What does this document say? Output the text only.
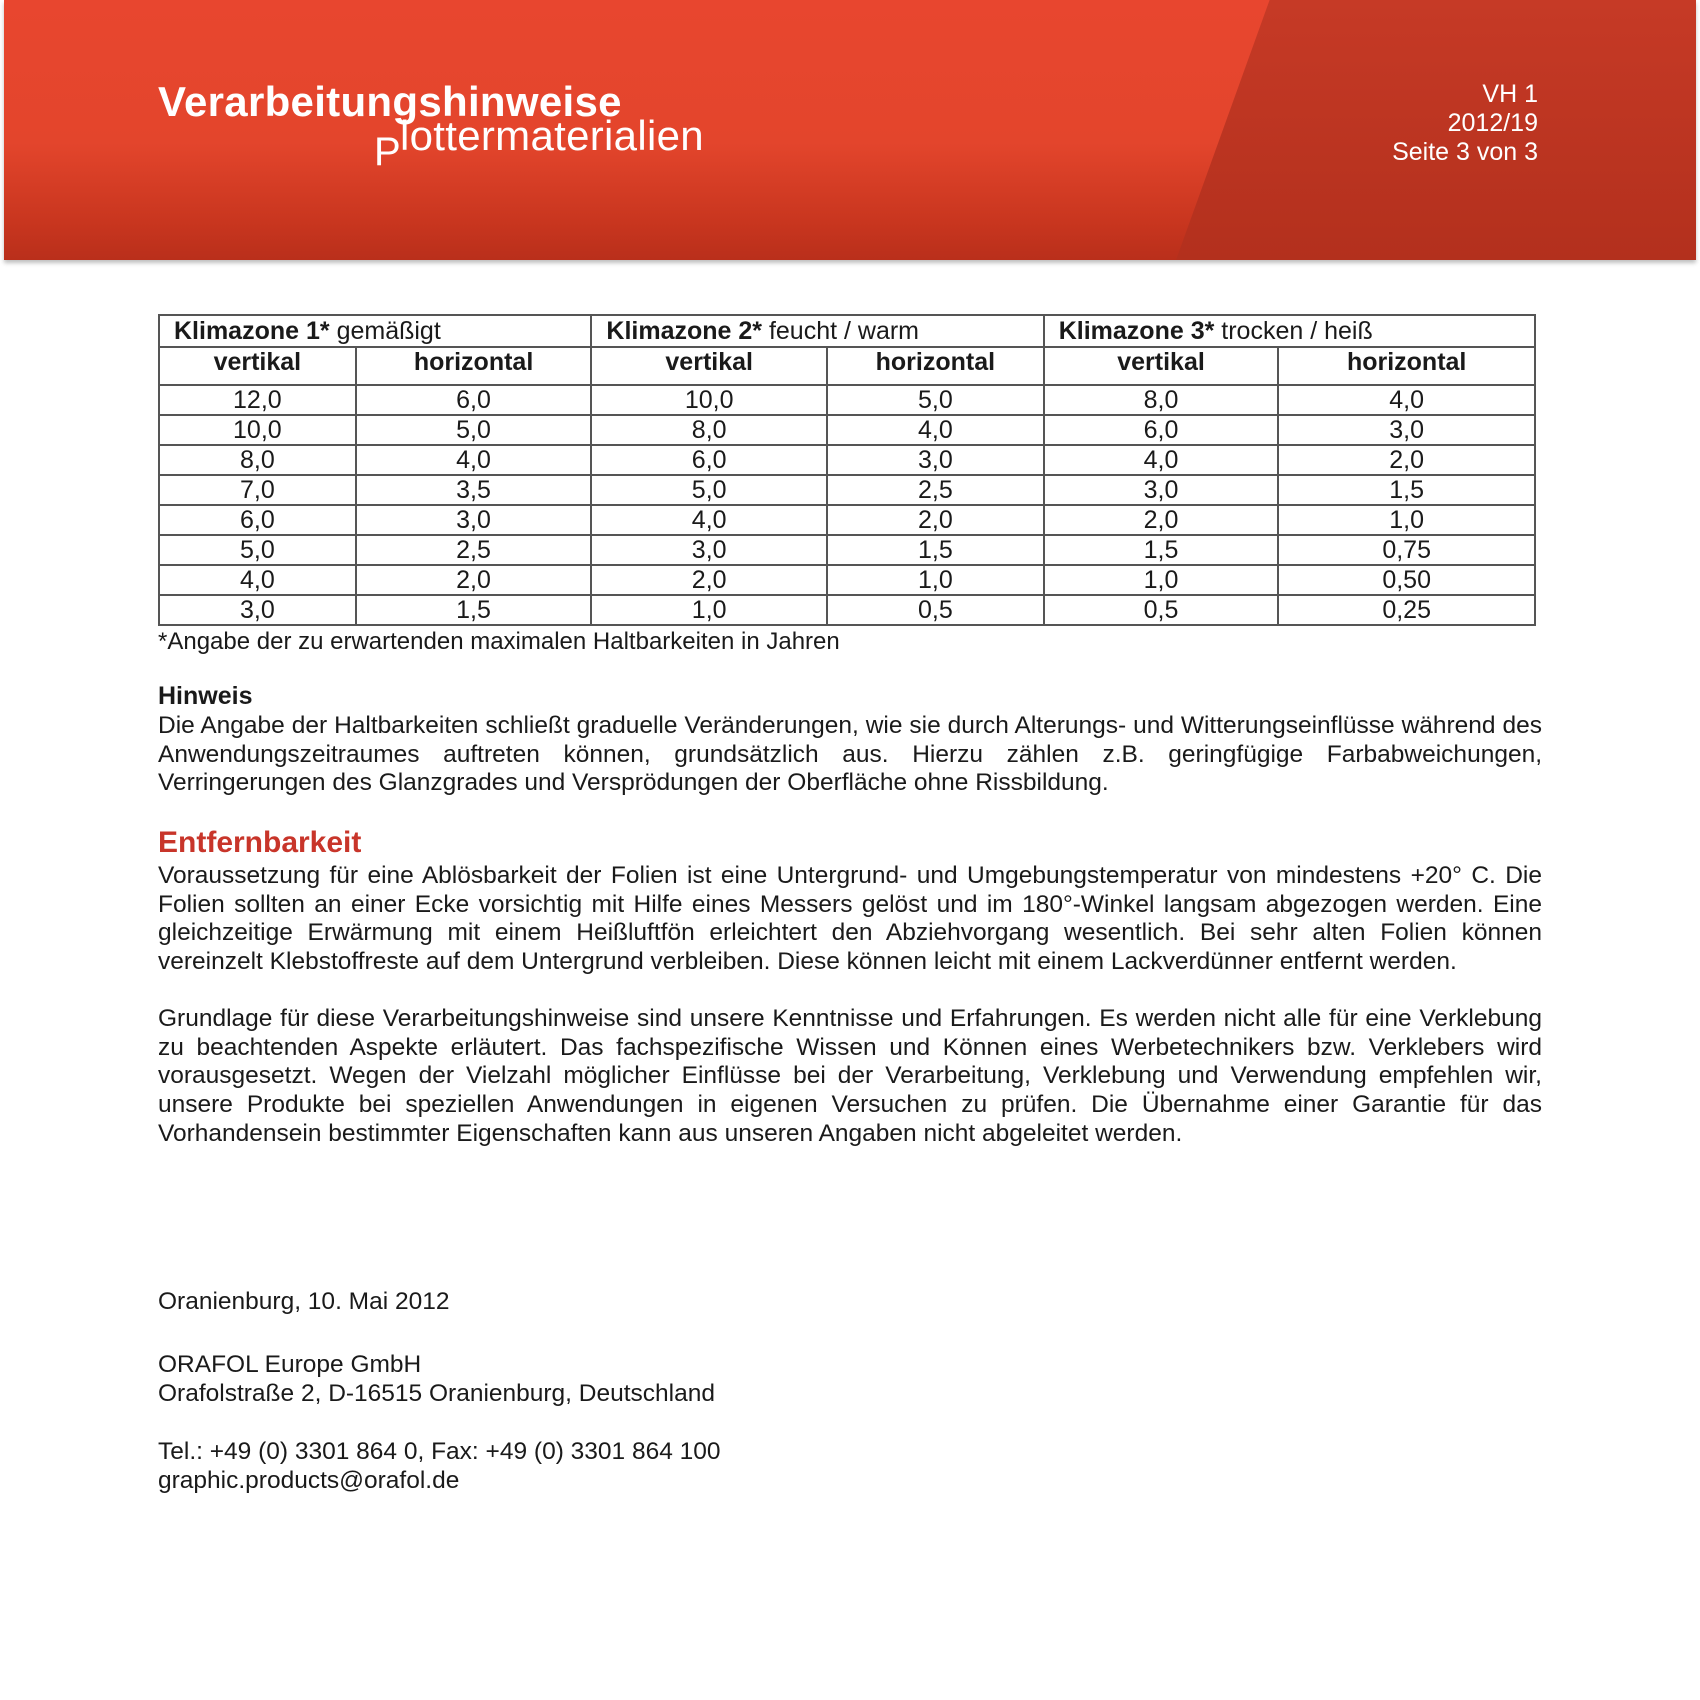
Verarbeitungshinweise
P lottermaterialien
VH 1
2012/19
Seite 3 von 3
Klimazone 1* gemäßigt		Klimazone 2* feucht / warm		Klimazone 3* trocken / heiß	
vertikal	horizontal	vertikal	horizontal	vertikal	horizontal
12,0	6,0	10,0	5,0	8,0	4,0
10,0	5,0	8,0	4,0	6,0	3,0
8,0	4,0	6,0	3,0	4,0	2,0
7,0	3,5	5,0	2,5	3,0	1,5
6,0	3,0	4,0	2,0	2,0	1,0
5,0	2,5	3,0	1,5	1,5	0,75
4,0	2,0	2,0	1,0	1,0	0,50
3,0	1,5	1,0	0,5	0,5	0,25
*Angabe der zu erwartenden maximalen Haltbarkeiten in Jahren
Hinweis
Die Angabe der Haltbarkeiten schließt graduelle Veränderungen, wie sie durch Alterungs- und Witterungseinflüsse während des Anwendungszeitraumes auftreten können, grundsätzlich aus. Hierzu zählen z.B. geringfügige Farbabweichungen, Verringerungen des Glanzgrades und Versprödungen der Oberfläche ohne Rissbildung.
Entfernbarkeit
Voraussetzung für eine Ablösbarkeit der Folien ist eine Untergrund- und Umgebungstemperatur von mindestens +20° C. Die Folien sollten an einer Ecke vorsichtig mit Hilfe eines Messers gelöst und im 180°-Winkel langsam abgezogen werden. Eine gleichzeitige Erwärmung mit einem Heißluftfön erleichtert den Abziehvorgang wesentlich. Bei sehr alten Folien können vereinzelt Klebstoffreste auf dem Untergrund verbleiben. Diese können leicht mit einem Lackverdünner entfernt werden.
Grundlage für diese Verarbeitungshinweise sind unsere Kenntnisse und Erfahrungen. Es werden nicht alle für eine Verklebung zu beachtenden Aspekte erläutert. Das fachspezifische Wissen und Können eines Werbetechnikers bzw. Verklebers wird vorausgesetzt. Wegen der Vielzahl möglicher Einflüsse bei der Verarbeitung, Verklebung und Verwendung empfehlen wir, unsere Produkte bei speziellen Anwendungen in eigenen Versuchen zu prüfen. Die Übernahme einer Garantie für das Vorhandensein bestimmter Eigenschaften kann aus unseren Angaben nicht abgeleitet werden.
Oranienburg, 10. Mai 2012
ORAFOL Europe GmbH
Orafolstraße 2, D-16515 Oranienburg, Deutschland
Tel.: +49 (0) 3301 864 0, Fax: +49 (0) 3301 864 100
graphic.products@orafol.de
